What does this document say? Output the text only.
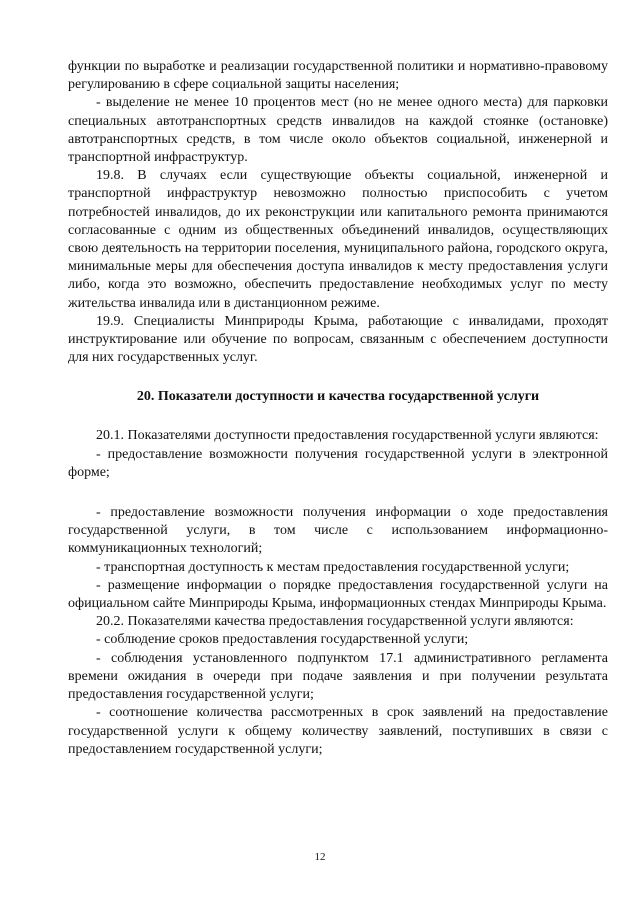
функции по выработке и реализации государственной политики и нормативно-правовому регулированию в сфере социальной защиты населения;

- выделение не менее 10 процентов мест (но не менее одного места) для парковки специальных автотранспортных средств инвалидов на каждой стоянке (остановке) автотранспортных средств, в том числе около объектов социальной, инженерной и транспортной инфраструктур.

19.8. В случаях если существующие объекты социальной, инженерной и транспортной инфраструктур невозможно полностью приспособить с учетом потребностей инвалидов, до их реконструкции или капитального ремонта принимаются согласованные с одним из общественных объединений инвалидов, осуществляющих свою деятельность на территории поселения, муниципального района, городского округа, минимальные меры для обеспечения доступа инвалидов к месту предоставления услуги либо, когда это возможно, обеспечить предоставление необходимых услуг по месту жительства инвалида или в дистанционном режиме.

19.9. Специалисты Минприроды Крыма, работающие с инвалидами, проходят инструктирование или обучение по вопросам, связанным с обеспечением доступности для них государственных услуг.

20. Показатели доступности и качества государственной услуги

20.1. Показателями доступности предоставления государственной услуги являются:

- предоставление возможности получения государственной услуги в электронной форме;

- предоставление возможности получения информации о ходе предоставления государственной услуги, в том числе с использованием информационно-коммуникационных технологий;

- транспортная доступность к местам предоставления государственной услуги;

- размещение информации о порядке предоставления государственной услуги на официальном сайте Минприроды Крыма, информационных стендах Минприроды Крыма.

20.2. Показателями качества предоставления государственной услуги являются:

- соблюдение сроков предоставления государственной услуги;

- соблюдения установленного подпунктом 17.1 административного регламента времени ожидания в очереди при подаче заявления и при получении результата предоставления государственной услуги;

- соотношение количества рассмотренных в срок заявлений на предоставление государственной услуги к общему количеству заявлений, поступивших в связи с предоставлением государственной услуги;

12
